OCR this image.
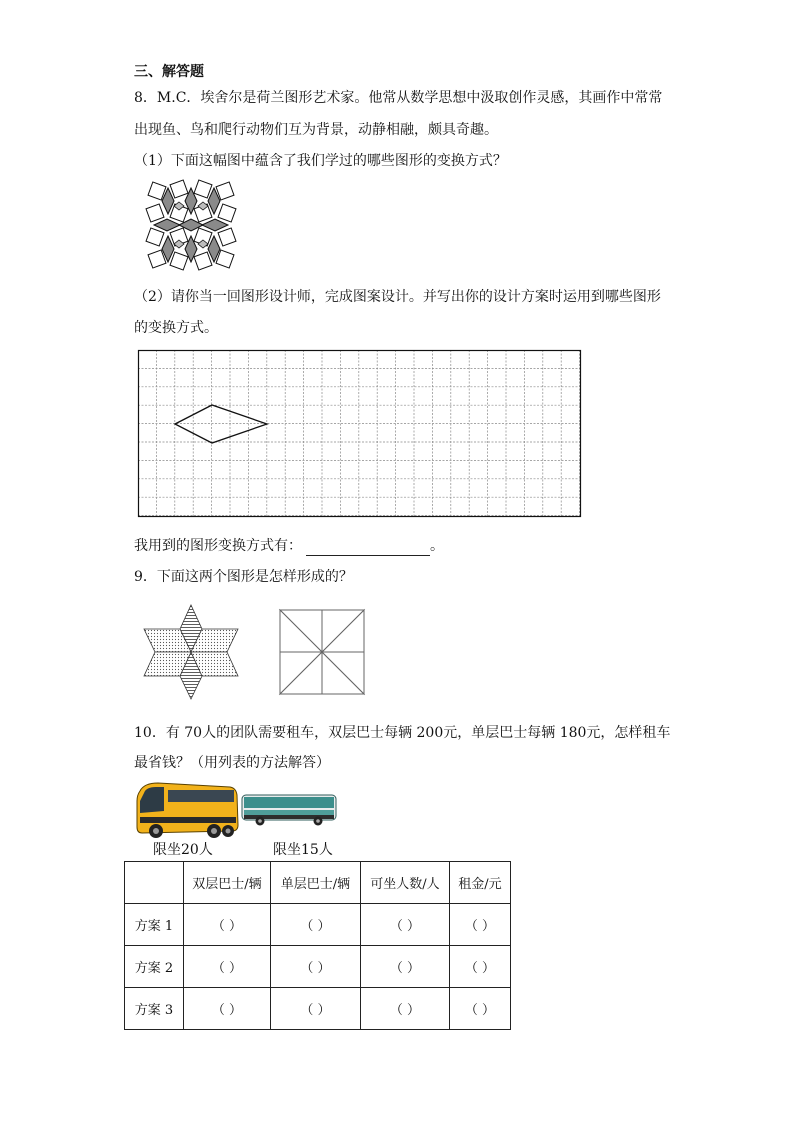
三、解答题
8．M.C．埃舍尔是荷兰图形艺术家。他常从数学思想中汲取创作灵感，其画作中常常
出现鱼、鸟和爬行动物们互为背景，动静相融，颇具奇趣。
（1）下面这幅图中蕴含了我们学过的哪些图形的变换方式？
（2）请你当一回图形设计师，完成图案设计。并写出你的设计方案时运用到哪些图形
的变换方式。
我用到的图形变换方式有：	。
9．下面这两个图形是怎样形成的？
10．有 70人的团队需要租车，双层巴士每辆 200元，单层巴士每辆 180元，怎样租车
最省钱？（用列表的方法解答）
限坐20人	限坐15人
	双层巴士/辆	单层巴士/辆	可坐人数/人	租金/元
方案 1	（ ）	（ ）	（ ）	（ ）
方案 2	（ ）	（ ）	（ ）	（ ）
方案 3	（ ）	（ ）	（ ）	（ ）
